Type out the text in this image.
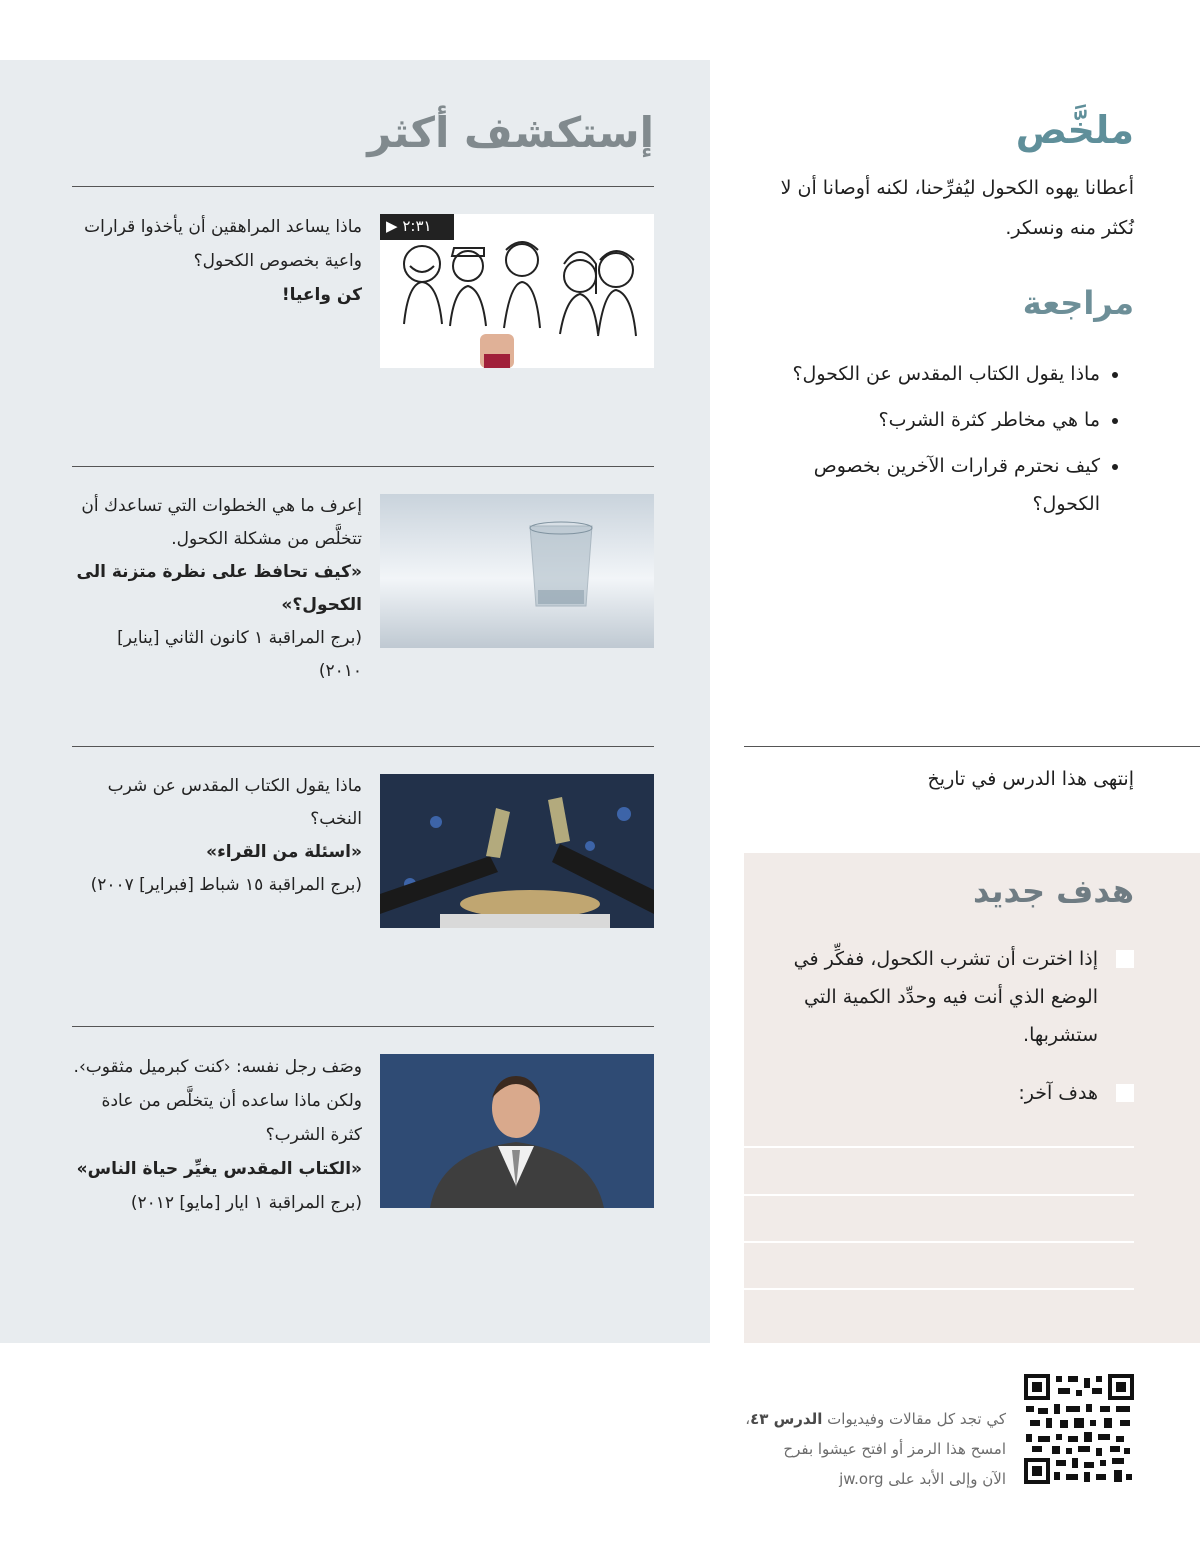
إستكشف أكثر
▶ ٢:٣١
ماذا يساعد المراهقين أن يأخذوا قرارات واعية بخصوص الكحول؟
كن واعيا!
إعرف ما هي الخطوات التي تساعدك أن تتخلَّص من مشكلة الكحول.
«كيف تحافظ على نظرة متزنة الى الكحول؟»
(برج المراقبة ١ كانون الثاني [يناير] ٢٠١٠)
ماذا يقول الكتاب المقدس عن شرب النخب؟
«اسئلة من القراء»
(برج المراقبة ١٥ شباط [فبراير] ٢٠٠٧)
وصَف رجل نفسه: ‹كنت كبرميل مثقوب›. ولكن ماذا ساعده أن يتخلَّص من عادة كثرة الشرب؟
«الكتاب المقدس يغيِّر حياة الناس»
(برج المراقبة ١ ايار [مايو] ٢٠١٢)
ملخَّص
أعطانا يهوه الكحول ليُفرِّحنا، لكنه أوصانا أن لا نُكثر منه ونسكر.
مراجعة
• ماذا يقول الكتاب المقدس عن الكحول؟
• ما هي مخاطر كثرة الشرب؟
• كيف نحترم قرارات الآخرين بخصوص الكحول؟
إنتهى هذا الدرس في تاريخ
هدف جديد
إذا اخترت أن تشرب الكحول، ففكِّر في الوضع الذي أنت فيه وحدِّد الكمية التي ستشربها.
هدف آخر:
كي تجد كل مقالات وفيديوات الدرس ٤٣،
امسح هذا الرمز أو افتح عيشوا بفرح
الآن وإلى الأبد على jw.org
